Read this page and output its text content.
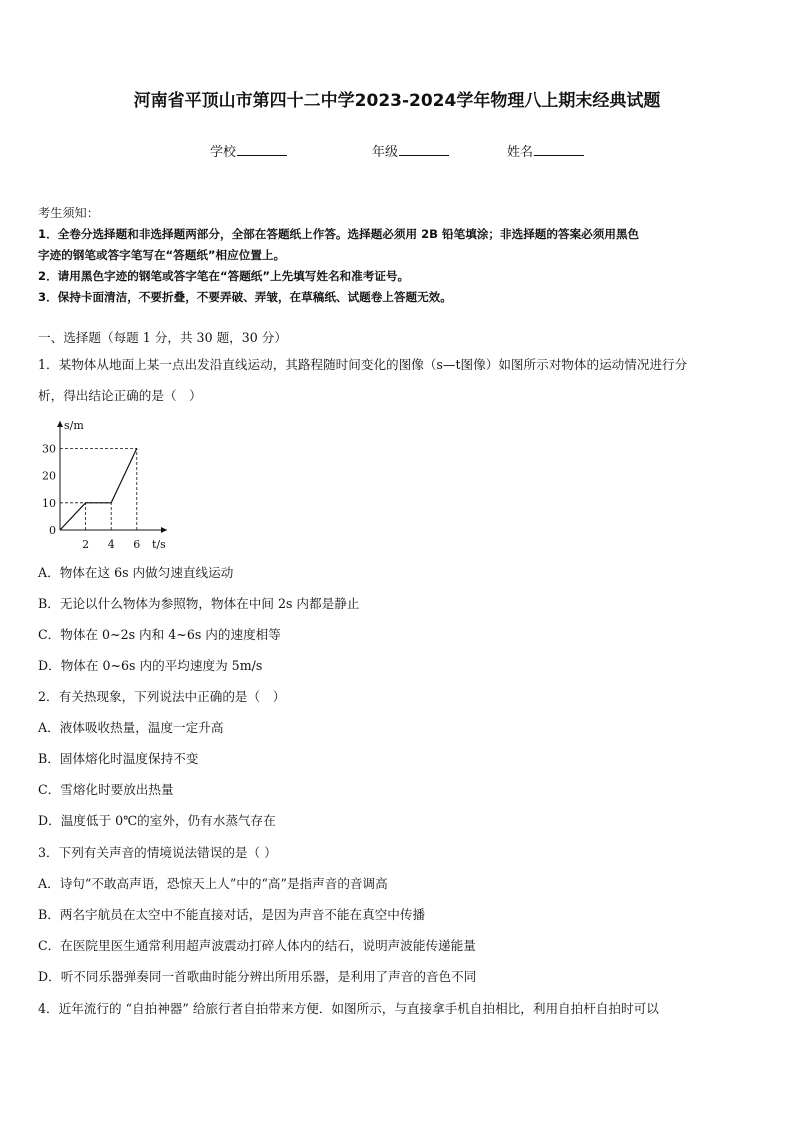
河南省平顶山市第四十二中学2023-2024学年物理八上期末经典试题
学校	年级	姓名
考生须知：
1．全卷分选择题和非选择题两部分，全部在答题纸上作答。选择题必须用 2B 铅笔填涂；非选择题的答案必须用黑色
字迹的钢笔或答字笔写在“答题纸”相应位置上。
2．请用黑色字迹的钢笔或答字笔在“答题纸”上先填写姓名和准考证号。
3．保持卡面清洁，不要折叠，不要弄破、弄皱，在草稿纸、试题卷上答题无效。
一、选择题（每题 1 分，共 30 题，30 分）
1．某物体从地面上某一点出发沿直线运动，其路程随时间变化的图像（s—t图像）如图所示对物体的运动情况进行分
析，得出结论正确的是（　）
s/m
t/s
30
20
10
0
2 4 6
A．物体在这 6s 内做匀速直线运动
B．无论以什么物体为参照物，物体在中间 2s 内都是静止
C．物体在 0~2s 内和 4~6s 内的速度相等
D．物体在 0~6s 内的平均速度为 5m/s
2．有关热现象，下列说法中正确的是（　）
A．液体吸收热量，温度一定升高
B．固体熔化时温度保持不变
C．雪熔化时要放出热量
D．温度低于 0℃的室外，仍有水蒸气存在
3．下列有关声音的情境说法错误的是（ ）
A．诗句“不敢高声语，恐惊天上人”中的“高”是指声音的音调高
B．两名宇航员在太空中不能直接对话，是因为声音不能在真空中传播
C．在医院里医生通常利用超声波震动打碎人体内的结石，说明声波能传递能量
D．听不同乐器弹奏同一首歌曲时能分辨出所用乐器，是利用了声音的音色不同
4．近年流行的 “自拍神器” 给旅行者自拍带来方便．如图所示，与直接拿手机自拍相比，利用自拍杆自拍时可以
